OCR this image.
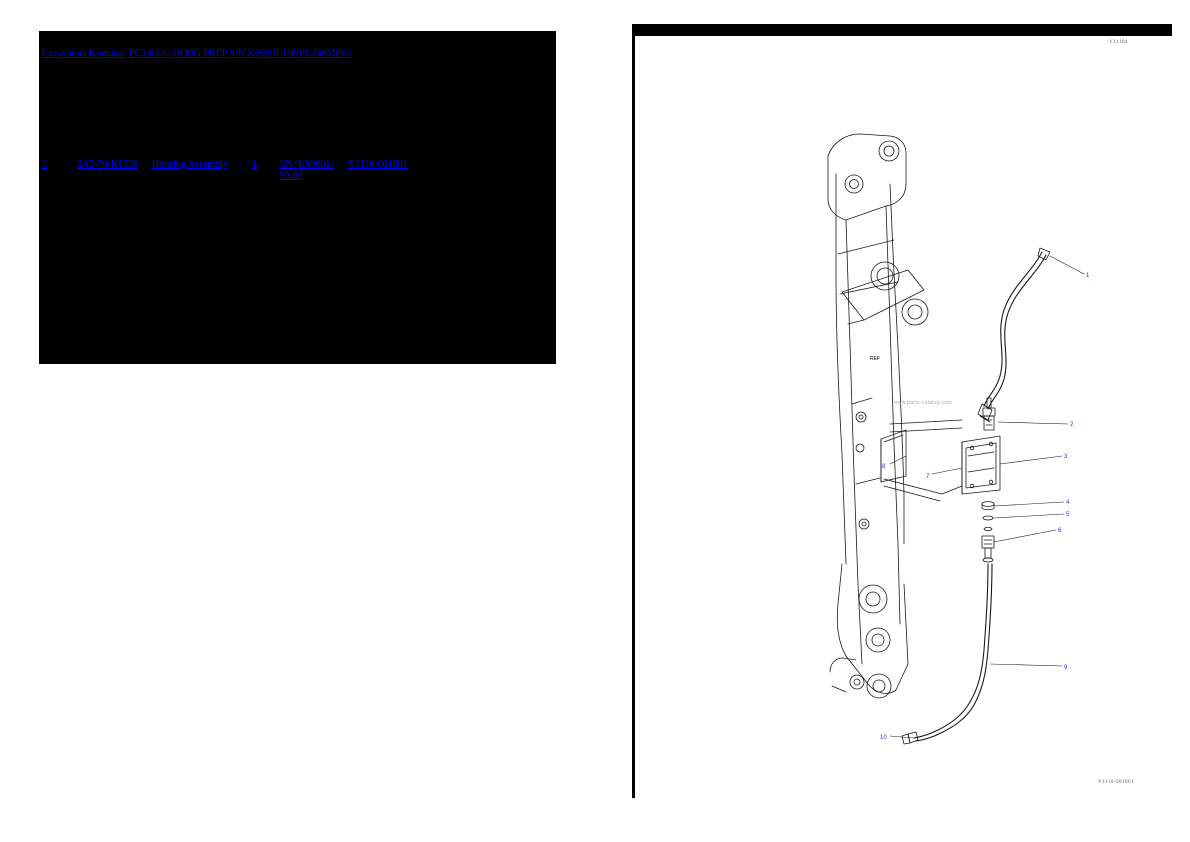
Excavators Komatsu PC340LC-10 MG PREP S/N K60001-UP(PC340M0U)
3	3A5-79-K1530	Housing Assembly	1	SN: K60001-9X82
Y1110-001001
V11104
Y1110-001001
1
2
3
4
5
6
7
8
9
10
REF
www.parts-catalog.com
